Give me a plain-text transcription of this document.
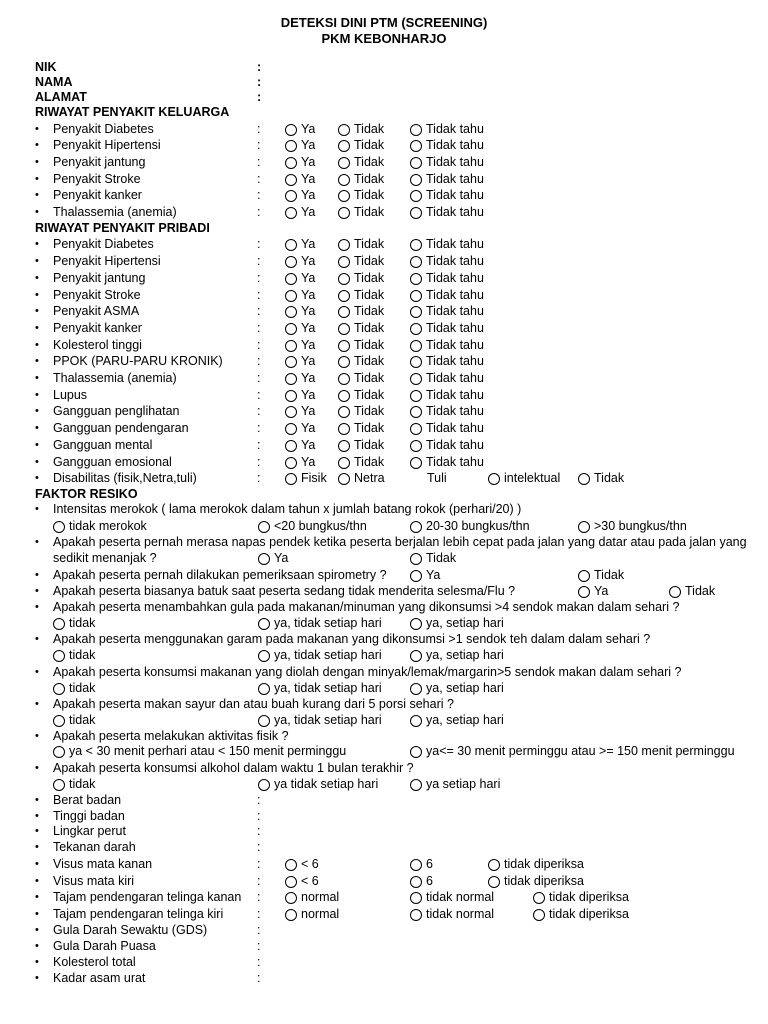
DETEKSI DINI PTM (SCREENING)
PKM KEBONHARJO
NIK	:
NAMA	:
ALAMAT	:
RIWAYAT PENYAKIT KELUARGA
• Penyakit Diabetes	:	Ya	Tidak	Tidak tahu
• Penyakit Hipertensi	:	Ya	Tidak	Tidak tahu
• Penyakit jantung	:	Ya	Tidak	Tidak tahu
• Penyakit Stroke	:	Ya	Tidak	Tidak tahu
• Penyakit kanker	:	Ya	Tidak	Tidak tahu
• Thalassemia (anemia)	:	Ya	Tidak	Tidak tahu
RIWAYAT PENYAKIT PRIBADI
• Penyakit Diabetes	:	Ya	Tidak	Tidak tahu
• Penyakit Hipertensi	:	Ya	Tidak	Tidak tahu
• Penyakit jantung	:	Ya	Tidak	Tidak tahu
• Penyakit Stroke	:	Ya	Tidak	Tidak tahu
• Penyakit ASMA	:	Ya	Tidak	Tidak tahu
• Penyakit kanker	:	Ya	Tidak	Tidak tahu
• Kolesterol tinggi	:	Ya	Tidak	Tidak tahu
• PPOK (PARU-PARU KRONIK)	:	Ya	Tidak	Tidak tahu
• Thalassemia (anemia)	:	Ya	Tidak	Tidak tahu
• Lupus	:	Ya	Tidak	Tidak tahu
• Gangguan penglihatan	:	Ya	Tidak	Tidak tahu
• Gangguan pendengaran	:	Ya	Tidak	Tidak tahu
• Gangguan mental	:	Ya	Tidak	Tidak tahu
• Gangguan emosional	:	Ya	Tidak	Tidak tahu
• Disabilitas (fisik,Netra,tuli)	:	Fisik Netra	Tuli	intelektual	Tidak
FAKTOR RESIKO
• Intensitas merokok ( lama merokok dalam tahun x jumlah batang rokok (perhari/20) )
tidak merokok	<20 bungkus/thn	20-30 bungkus/thn	>30 bungkus/thn
• Apakah peserta pernah merasa napas pendek ketika peserta berjalan lebih cepat pada jalan yang datar atau pada jalan yang
sedikit menanjak ?	Ya	Tidak
• Apakah peserta pernah dilakukan pemeriksaan spirometry ?	Ya	Tidak
• Apakah peserta biasanya batuk saat peserta sedang tidak menderita selesma/Flu ?	Ya	Tidak
• Apakah peserta menambahkan gula pada makanan/minuman yang dikonsumsi >4 sendok makan dalam sehari ?
tidak	ya, tidak setiap hari	ya, setiap hari
• Apakah peserta menggunakan garam pada makanan yang dikonsumsi >1 sendok teh dalam dalam sehari ?
tidak	ya, tidak setiap hari	ya, setiap hari
• Apakah peserta konsumsi makanan yang diolah dengan minyak/lemak/margarin>5 sendok makan dalam sehari ?
tidak	ya, tidak setiap hari	ya, setiap hari
• Apakah peserta makan sayur dan atau buah kurang dari 5 porsi sehari ?
tidak	ya, tidak setiap hari	ya, setiap hari
• Apakah peserta melakukan aktivitas fisik ?
ya < 30 menit perhari atau < 150 menit perminggu	ya<= 30 menit perminggu atau >= 150 menit perminggu
• Apakah peserta konsumsi alkohol dalam waktu 1 bulan terakhir ?
tidak	ya tidak setiap hari	ya setiap hari
• Berat badan	:
• Tinggi badan	:
• Lingkar perut	:
• Tekanan darah	:
• Visus mata kanan	:	< 6	6	tidak diperiksa
• Visus mata kiri	:	< 6	6	tidak diperiksa
• Tajam pendengaran telinga kanan :	normal	tidak normal	tidak diperiksa
• Tajam pendengaran telinga kiri	:	normal	tidak normal	tidak diperiksa
• Gula Darah Sewaktu (GDS)	:
• Gula Darah Puasa	:
• Kolesterol total	:
• Kadar asam urat	:
